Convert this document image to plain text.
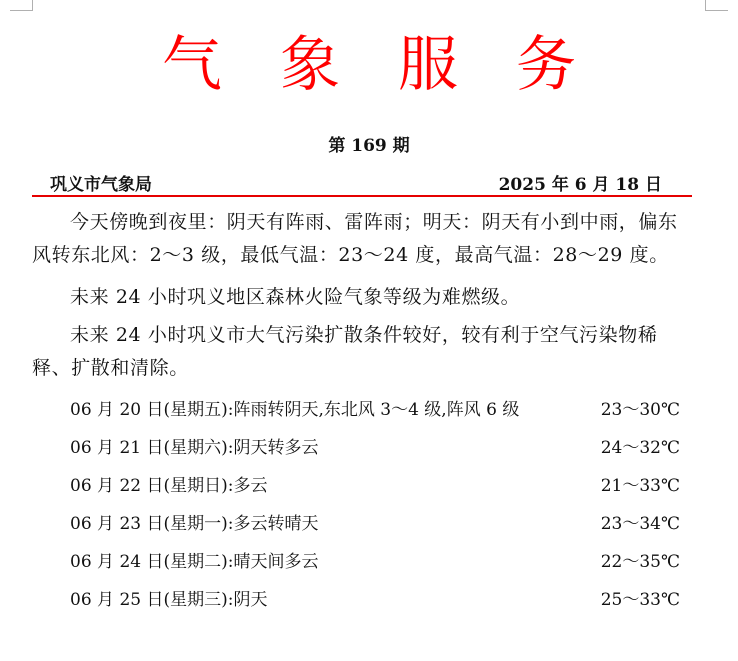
气象服务
第 169 期
巩义市气象局	2025 年 6 月 18 日
今天傍晚到夜里：阴天有阵雨、雷阵雨；明天：阴天有小到中雨，偏东风转东北风：2～3 级，最低气温：23～24 度，最高气温：28～29 度。
未来 24 小时巩义地区森林火险气象等级为难燃级。
未来 24 小时巩义市大气污染扩散条件较好，较有利于空气污染物稀释、扩散和清除。
06 月 20 日(星期五):阵雨转阴天,东北风 3～4 级,阵风 6 级	23～30℃
06 月 21 日(星期六):阴天转多云	24～32℃
06 月 22 日(星期日):多云	21～33℃
06 月 23 日(星期一):多云转晴天	23～34℃
06 月 24 日(星期二):晴天间多云	22～35℃
06 月 25 日(星期三):阴天	25～33℃
